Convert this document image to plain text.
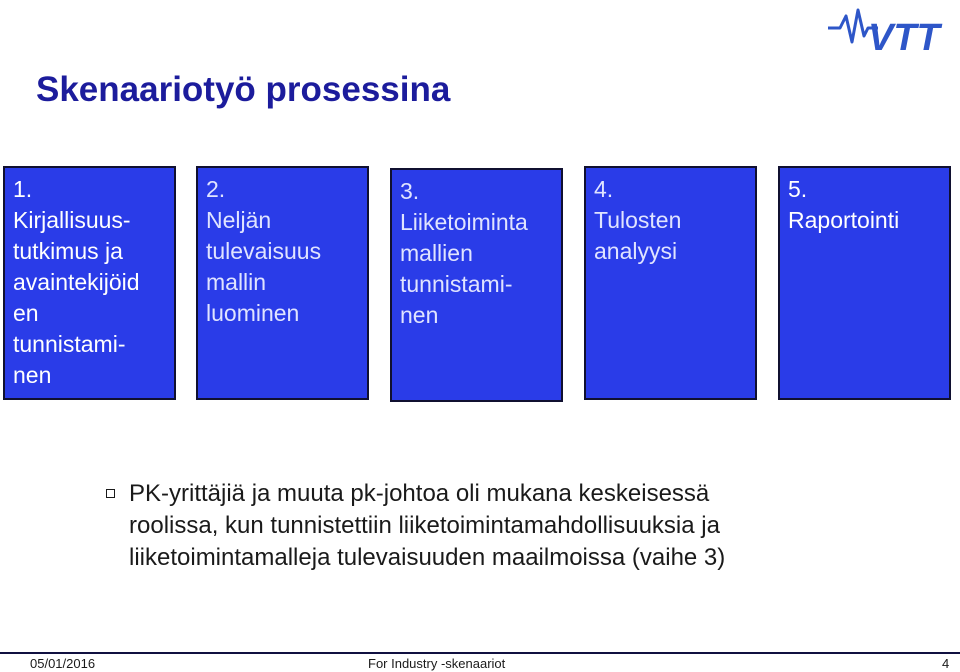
VTT
Skenaariotyö prosessina
1.
Kirjallisuus-
tutkimus ja
avaintekijöid
en
tunnistami-
nen
2.
Neljän
tulevaisuus
mallin
luominen
3.
Liiketoiminta
mallien
tunnistami-
nen
4.
Tulosten
analyysi
5.
Raportointi
PK-yrittäjiä ja muuta pk-johtoa oli mukana keskeisessä
roolissa, kun tunnistettiin liiketoimintamahdollisuuksia ja
liiketoimintamalleja tulevaisuuden maailmoissa (vaihe 3)
05/01/2016	For Industry -skenaariot	4
